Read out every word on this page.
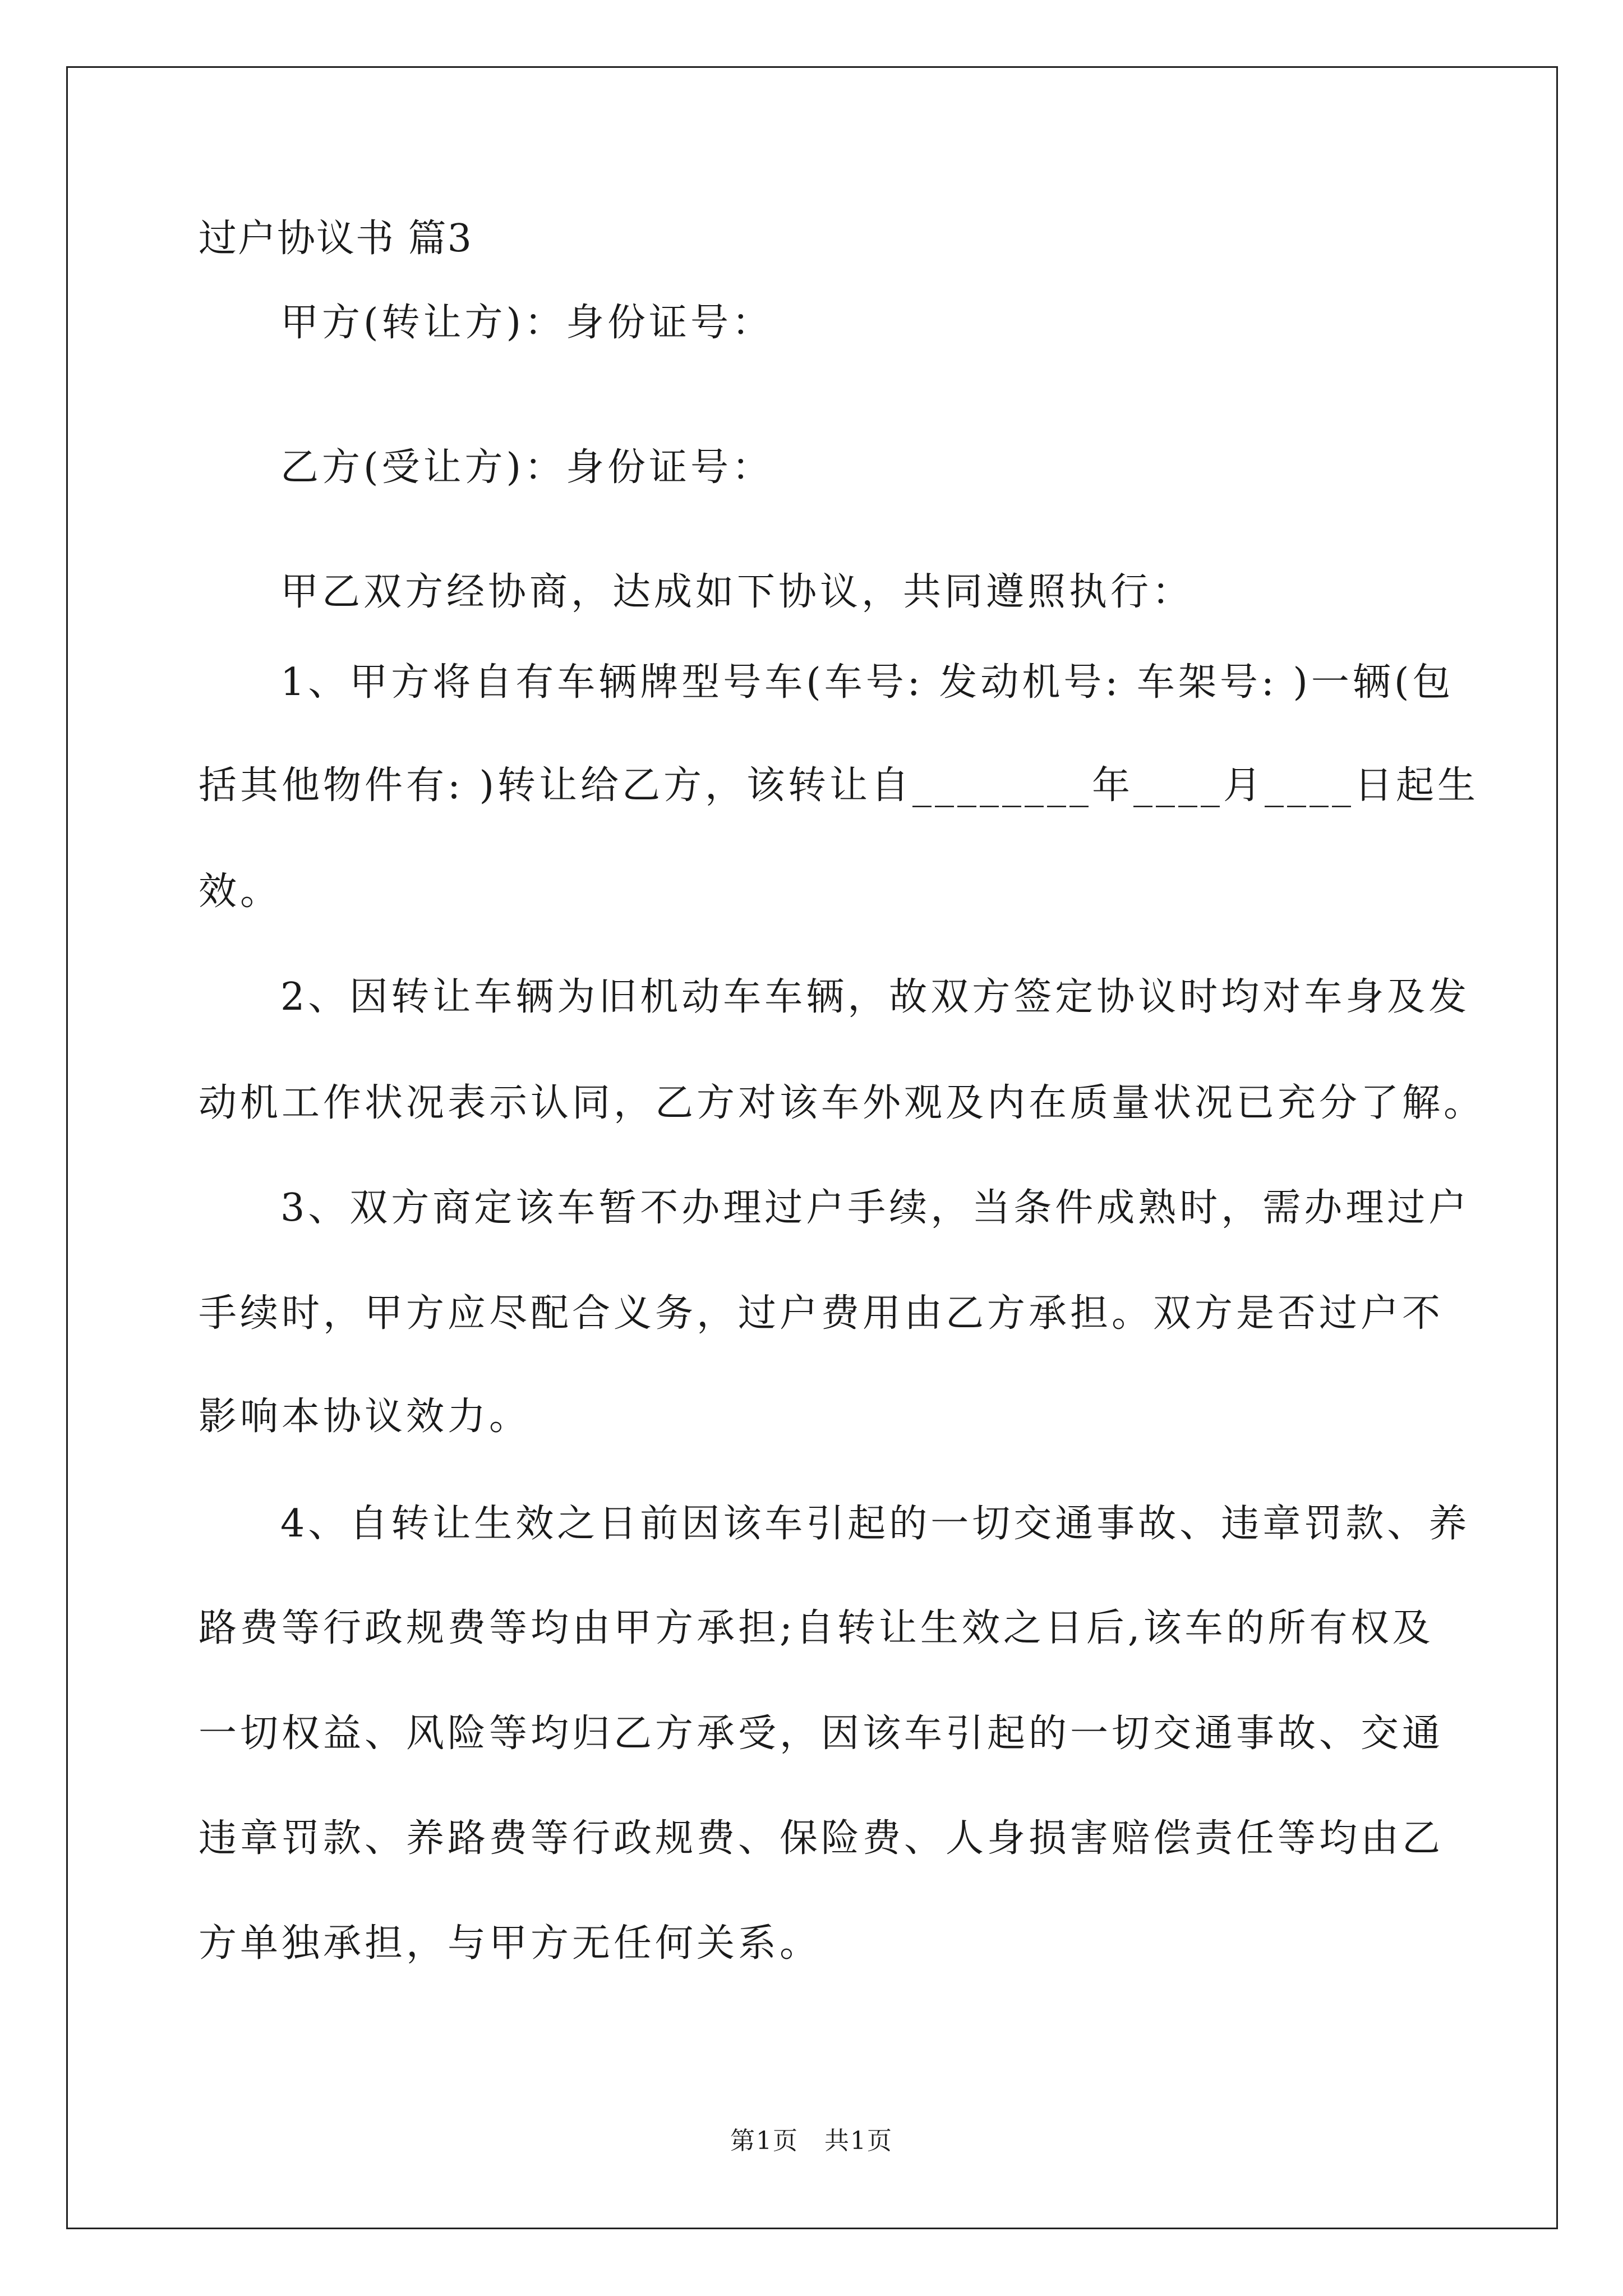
过户协议书 篇3
甲方(转让方)：身份证号：
乙方(受让方)：身份证号：
甲乙双方经协商，达成如下协议，共同遵照执行：
1、甲方将自有车辆牌型号车(车号: 发动机号: 车架号: )一辆(包
括其他物件有: )转让给乙方，该转让自________年____月____日起生
效。
2、因转让车辆为旧机动车车辆，故双方签定协议时均对车身及发
动机工作状况表示认同，乙方对该车外观及内在质量状况已充分了解。
3、双方商定该车暂不办理过户手续，当条件成熟时，需办理过户
手续时，甲方应尽配合义务，过户费用由乙方承担。双方是否过户不
影响本协议效力。
4、自转让生效之日前因该车引起的一切交通事故、违章罚款、养
路费等行政规费等均由甲方承担;自转让生效之日后,该车的所有权及
一切权益、风险等均归乙方承受，因该车引起的一切交通事故、交通
违章罚款、养路费等行政规费、保险费、人身损害赔偿责任等均由乙
方单独承担，与甲方无任何关系。
第1页　共1页
